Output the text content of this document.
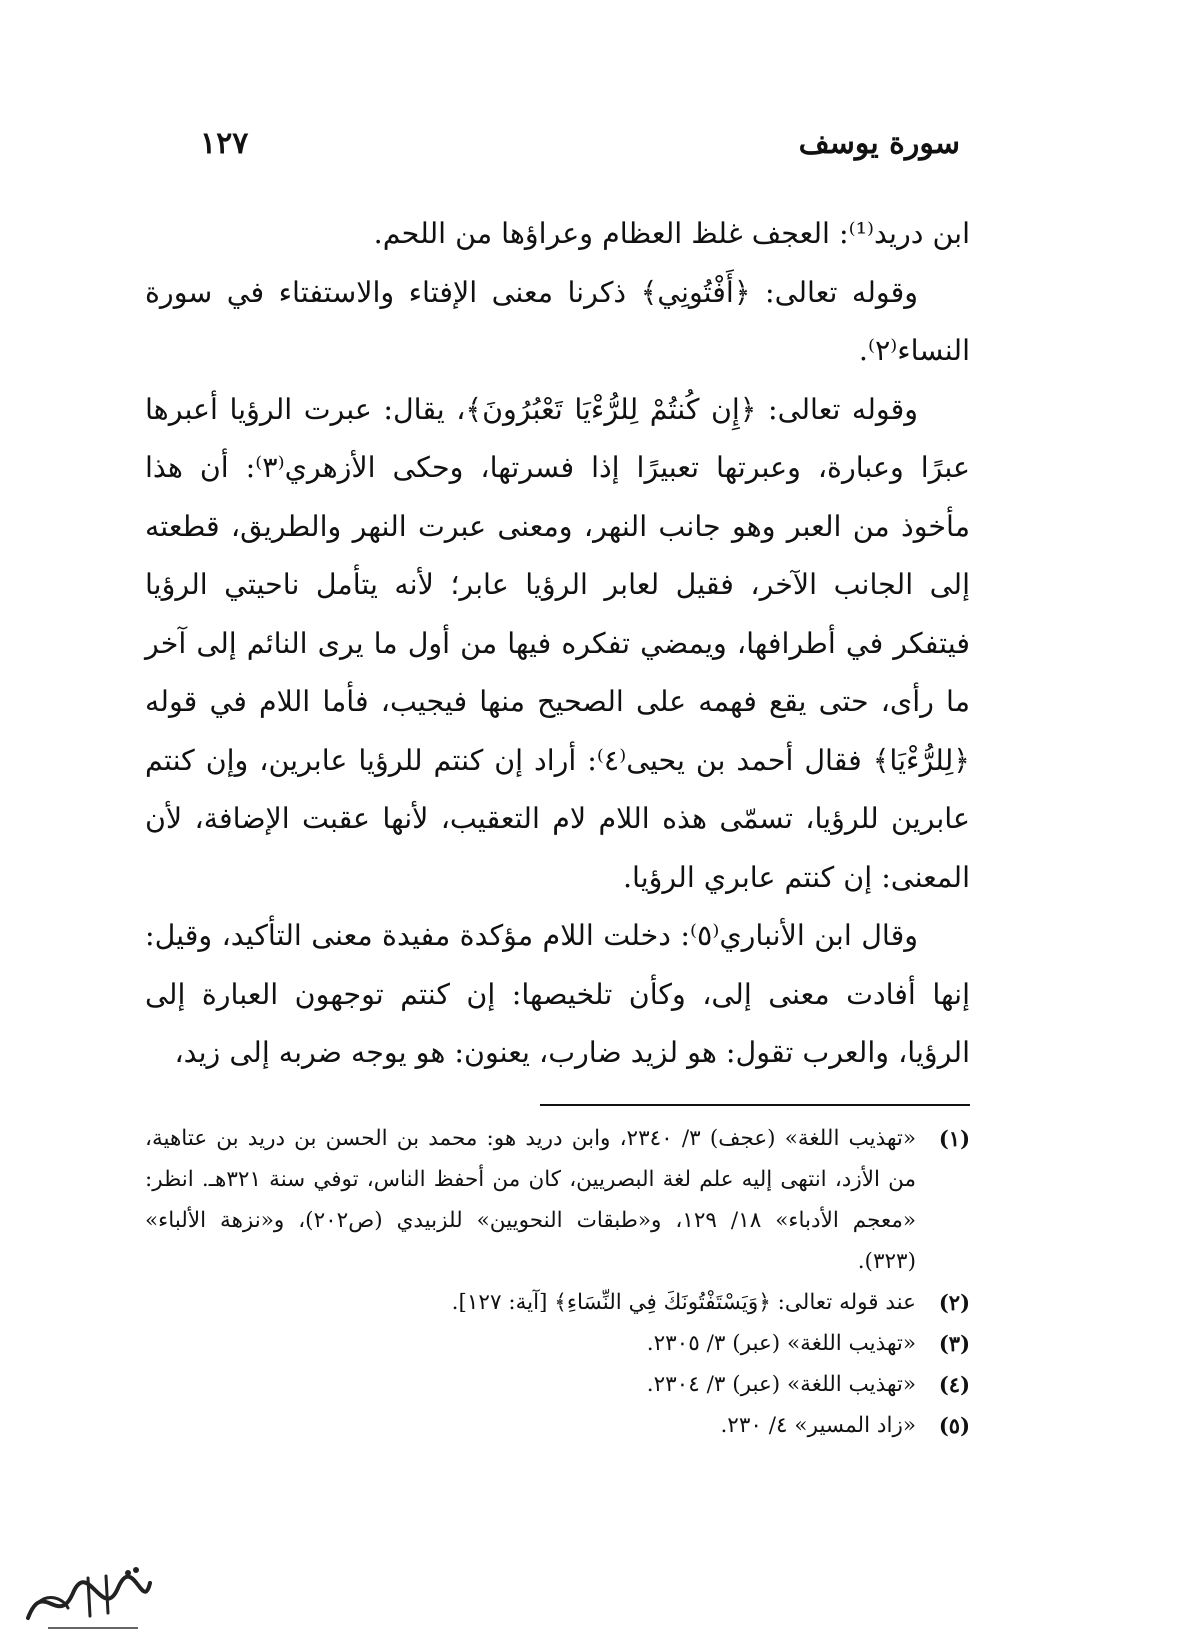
سورة يوسف
١٢٧

ابن دريد⁽¹⁾: العجف غلظ العظام وعراؤها من اللحم.

وقوله تعالى: ﴿أَفْتُونِي﴾ ذكرنا معنى الإفتاء والاستفتاء في سورة النساء⁽٢⁾.

وقوله تعالى: ﴿إِن كُنتُمْ لِلرُّءْيَا تَعْبُرُونَ﴾، يقال: عبرت الرؤيا أعبرها عبرًا وعبارة، وعبرتها تعبيرًا إذا فسرتها، وحكى الأزهري⁽٣⁾: أن هذا مأخوذ من العبر وهو جانب النهر، ومعنى عبرت النهر والطريق، قطعته إلى الجانب الآخر، فقيل لعابر الرؤيا عابر؛ لأنه يتأمل ناحيتي الرؤيا فيتفكر في أطرافها، ويمضي تفكره فيها من أول ما يرى النائم إلى آخر ما رأى، حتى يقع فهمه على الصحيح منها فيجيب، فأما اللام في قوله ﴿لِلرُّءْيَا﴾ فقال أحمد بن يحيى⁽٤⁾: أراد إن كنتم للرؤيا عابرين، وإن كنتم عابرين للرؤيا، تسمّى هذه اللام لام التعقيب، لأنها عقبت الإضافة، لأن المعنى: إن كنتم عابري الرؤيا.

وقال ابن الأنباري⁽٥⁾: دخلت اللام مؤكدة مفيدة معنى التأكيد، وقيل: إنها أفادت معنى إلى، وكأن تلخيصها: إن كنتم توجهون العبارة إلى الرؤيا، والعرب تقول: هو لزيد ضارب، يعنون: هو يوجه ضربه إلى زيد،

(١)
«تهذيب اللغة» (عجف) ٣/ ٢٣٤٠، وابن دريد هو: محمد بن الحسن بن دريد بن عتاهية، من الأزد، انتهى إليه علم لغة البصريين، كان من أحفظ الناس، توفي سنة ٣٢١هـ. انظر: «معجم الأدباء» ١٨/ ١٢٩، و«طبقات النحويين» للزبيدي (ص٢٠٢)، و«نزهة الألباء» (٣٢٣).
(٢)
عند قوله تعالى: ﴿وَيَسْتَفْتُونَكَ فِي النِّسَاءِ﴾ [آية: ١٢٧].
(٣)
«تهذيب اللغة» (عبر) ٣/ ٢٣٠٥.
(٤)
«تهذيب اللغة» (عبر) ٣/ ٢٣٠٤.
(٥)
«زاد المسير» ٤/ ٢٣٠.
